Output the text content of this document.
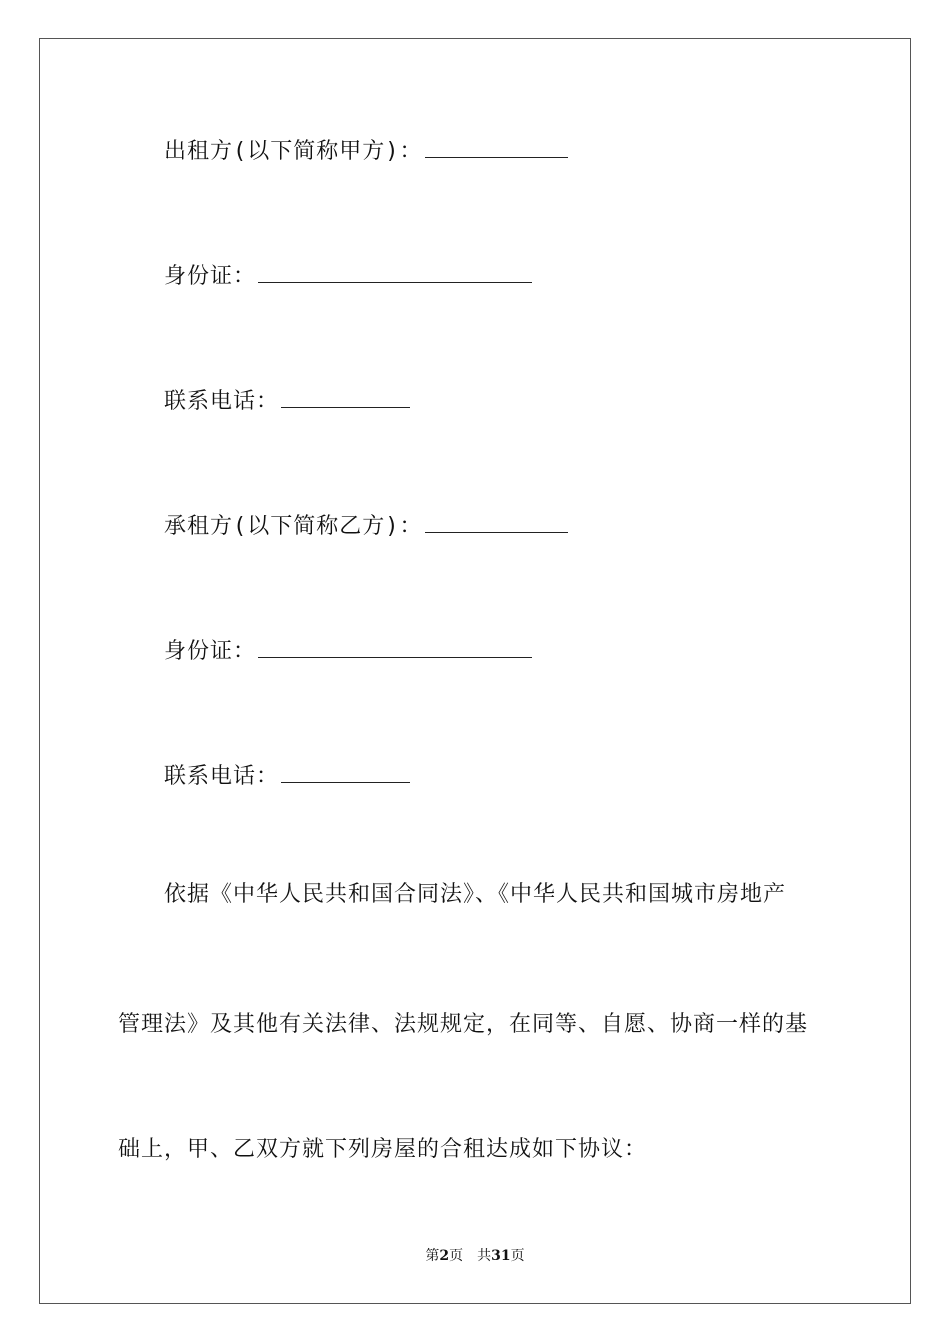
出租方(以下简称甲方)：
身份证：
联系电话：
承租方(以下简称乙方)：
身份证：
联系电话：
依据《中华人民共和国合同法》、《中华人民共和国城市房地产
管理法》及其他有关法律、法规规定，在同等、自愿、协商一样的基
础上，甲、乙双方就下列房屋的合租达成如下协议：
第2页 共31页
